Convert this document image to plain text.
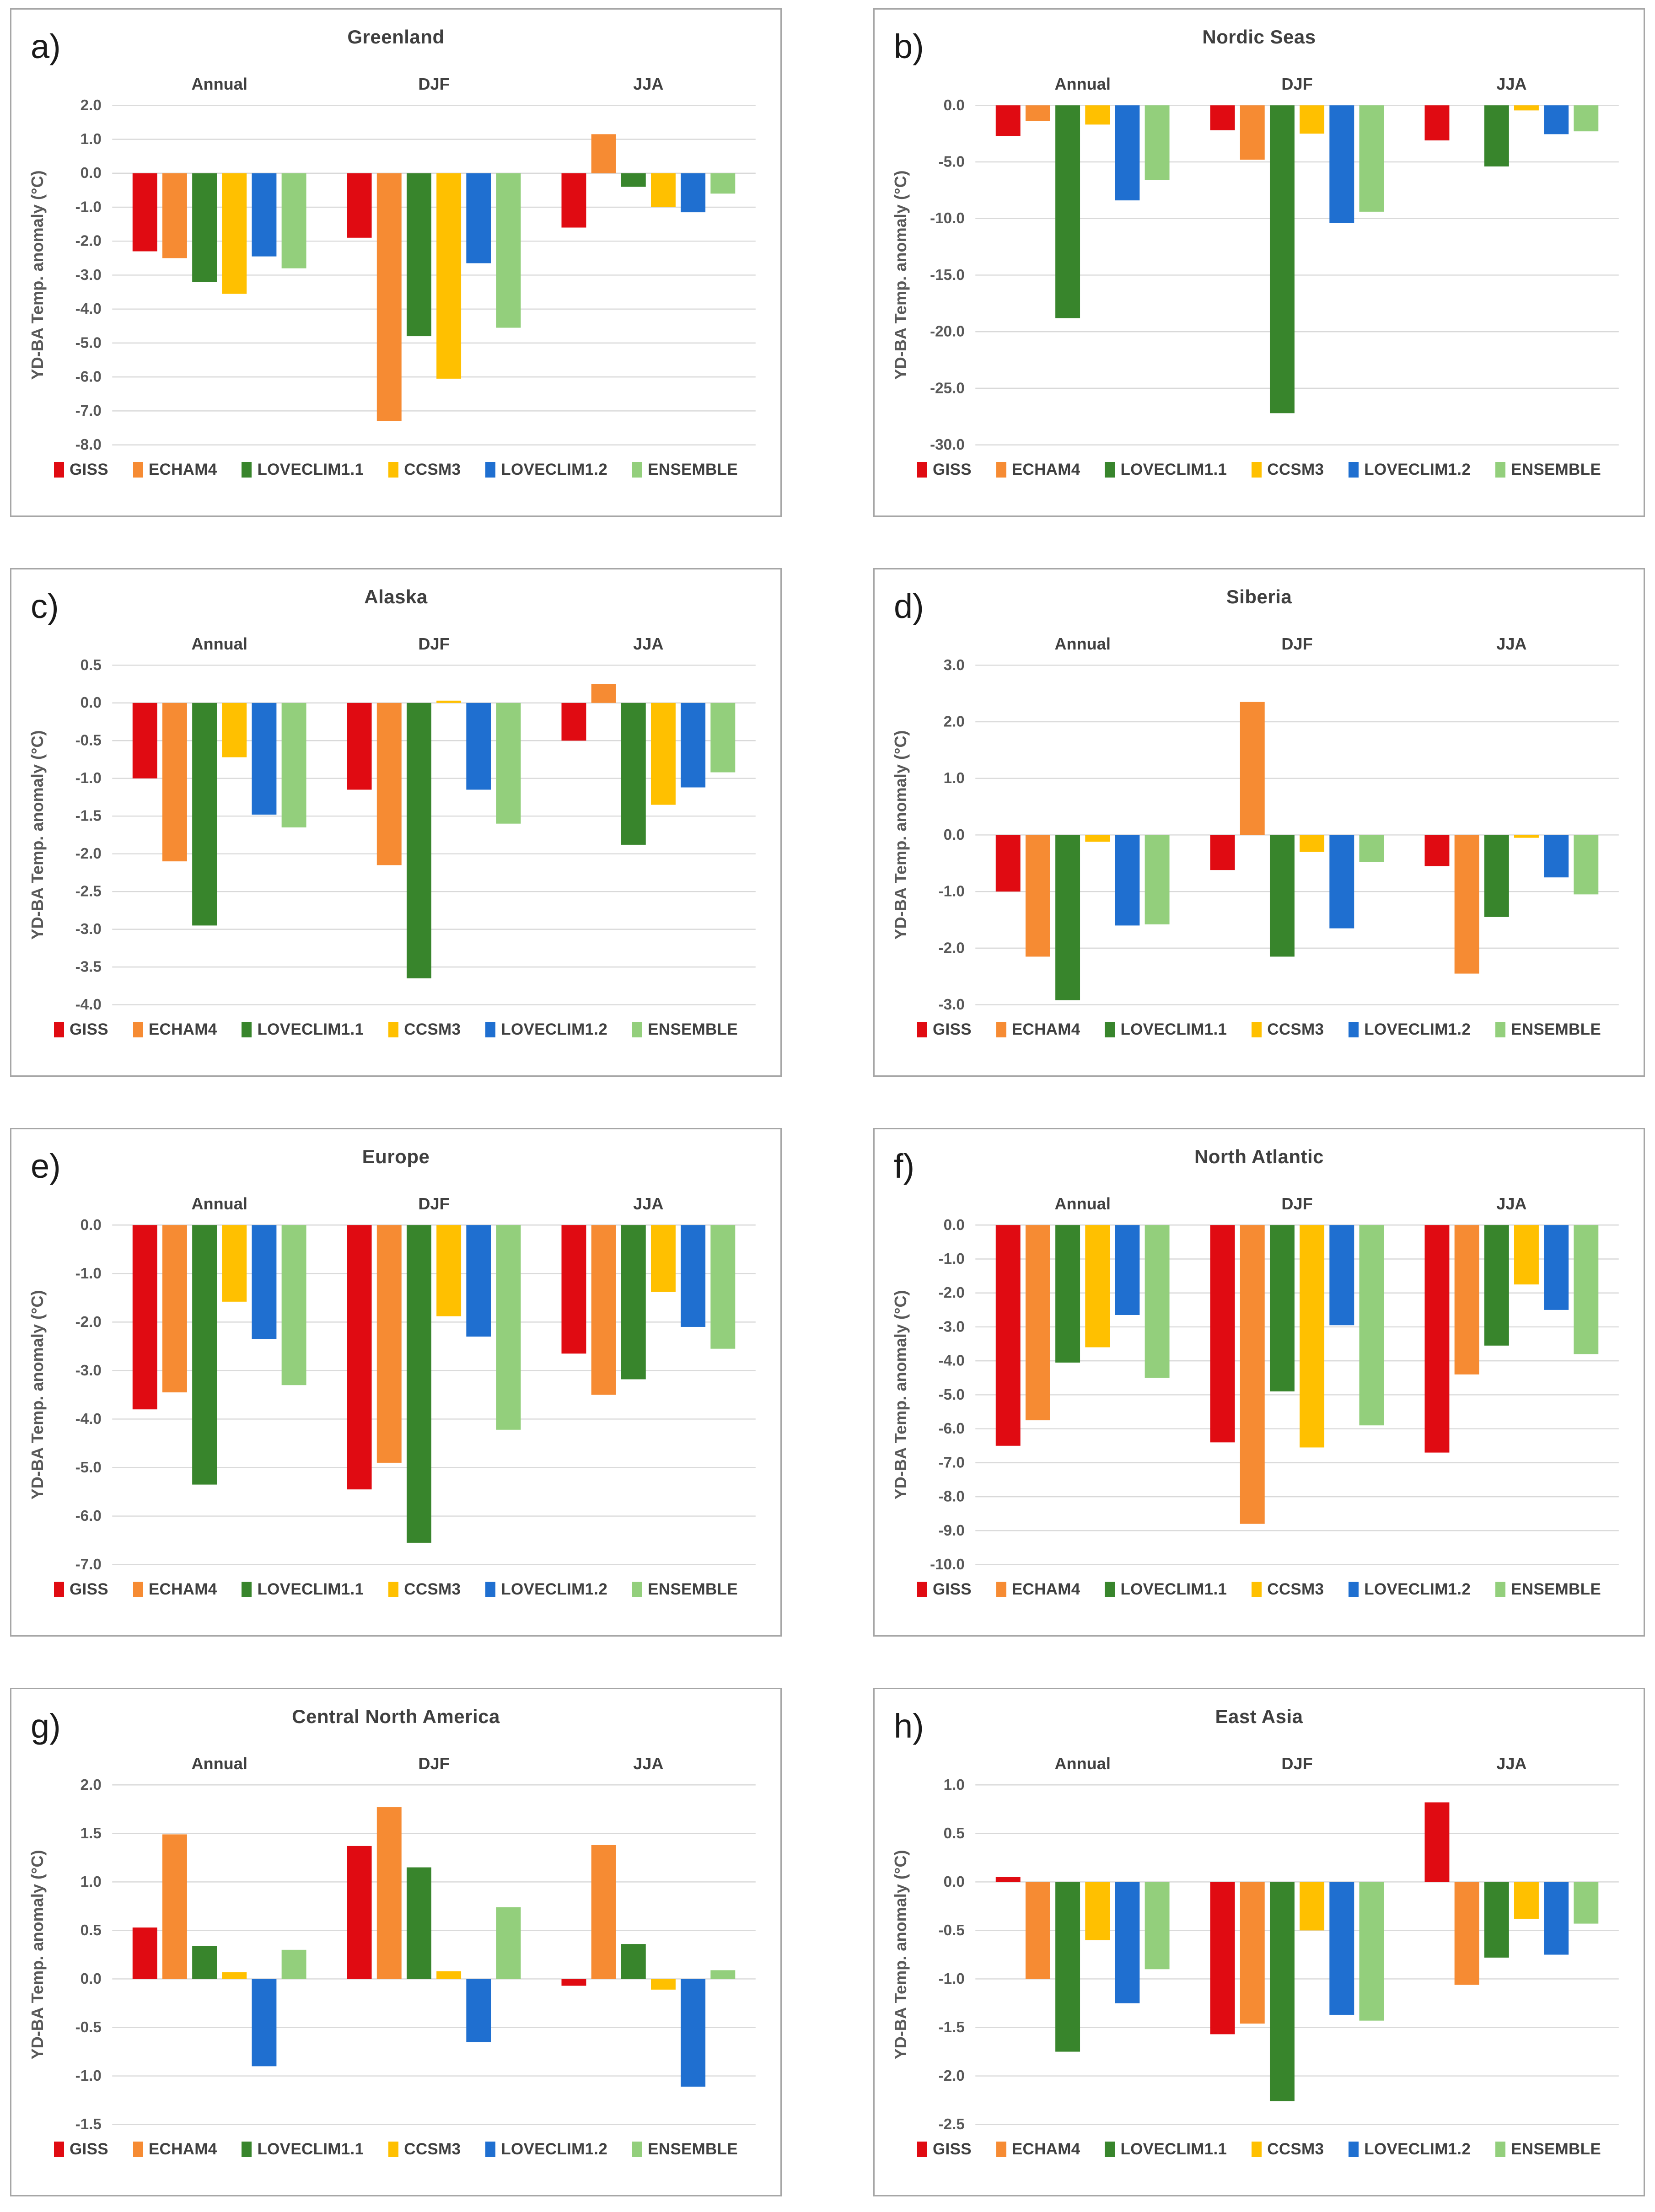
a)	Greenland
2.0
1.0
0.0
-1.0
-2.0
-3.0
-4.0
-5.0
-6.0
-7.0
-8.0
YD-BA Temp. anomaly (°C)
Annual	DJF	JJA
GISS	ECHAM4	LOVECLIM1.1	CCSM3	LOVECLIM1.2	ENSEMBLE
b)	Nordic Seas
0.0
-5.0
-10.0
-15.0
-20.0
-25.0
-30.0
YD-BA Temp. anomaly (°C)
Annual	DJF	JJA
GISS	ECHAM4	LOVECLIM1.1	CCSM3	LOVECLIM1.2	ENSEMBLE
c)	Alaska
0.5
0.0
-0.5
-1.0
-1.5
-2.0
-2.5
-3.0
-3.5
-4.0
YD-BA Temp. anomaly (°C)
Annual	DJF	JJA
GISS	ECHAM4	LOVECLIM1.1	CCSM3	LOVECLIM1.2	ENSEMBLE
d)	Siberia
3.0
2.0
1.0
0.0
-1.0
-2.0
-3.0
YD-BA Temp. anomaly (°C)
Annual	DJF	JJA
GISS	ECHAM4	LOVECLIM1.1	CCSM3	LOVECLIM1.2	ENSEMBLE
e)	Europe
0.0
-1.0
-2.0
-3.0
-4.0
-5.0
-6.0
-7.0
YD-BA Temp. anomaly (°C)
Annual	DJF	JJA
GISS	ECHAM4	LOVECLIM1.1	CCSM3	LOVECLIM1.2	ENSEMBLE
f)	North Atlantic
0.0
-1.0
-2.0
-3.0
-4.0
-5.0
-6.0
-7.0
-8.0
-9.0
-10.0
YD-BA Temp. anomaly (°C)
Annual	DJF	JJA
GISS	ECHAM4	LOVECLIM1.1	CCSM3	LOVECLIM1.2	ENSEMBLE
g)	Central North America
2.0
1.5
1.0
0.5
0.0
-0.5
-1.0
-1.5
YD-BA Temp. anomaly (°C)
Annual	DJF	JJA
GISS	ECHAM4	LOVECLIM1.1	CCSM3	LOVECLIM1.2	ENSEMBLE
h)	East Asia
1.0
0.5
0.0
-0.5
-1.0
-1.5
-2.0
-2.5
YD-BA Temp. anomaly (°C)
Annual	DJF	JJA
GISS	ECHAM4	LOVECLIM1.1	CCSM3	LOVECLIM1.2	ENSEMBLE
